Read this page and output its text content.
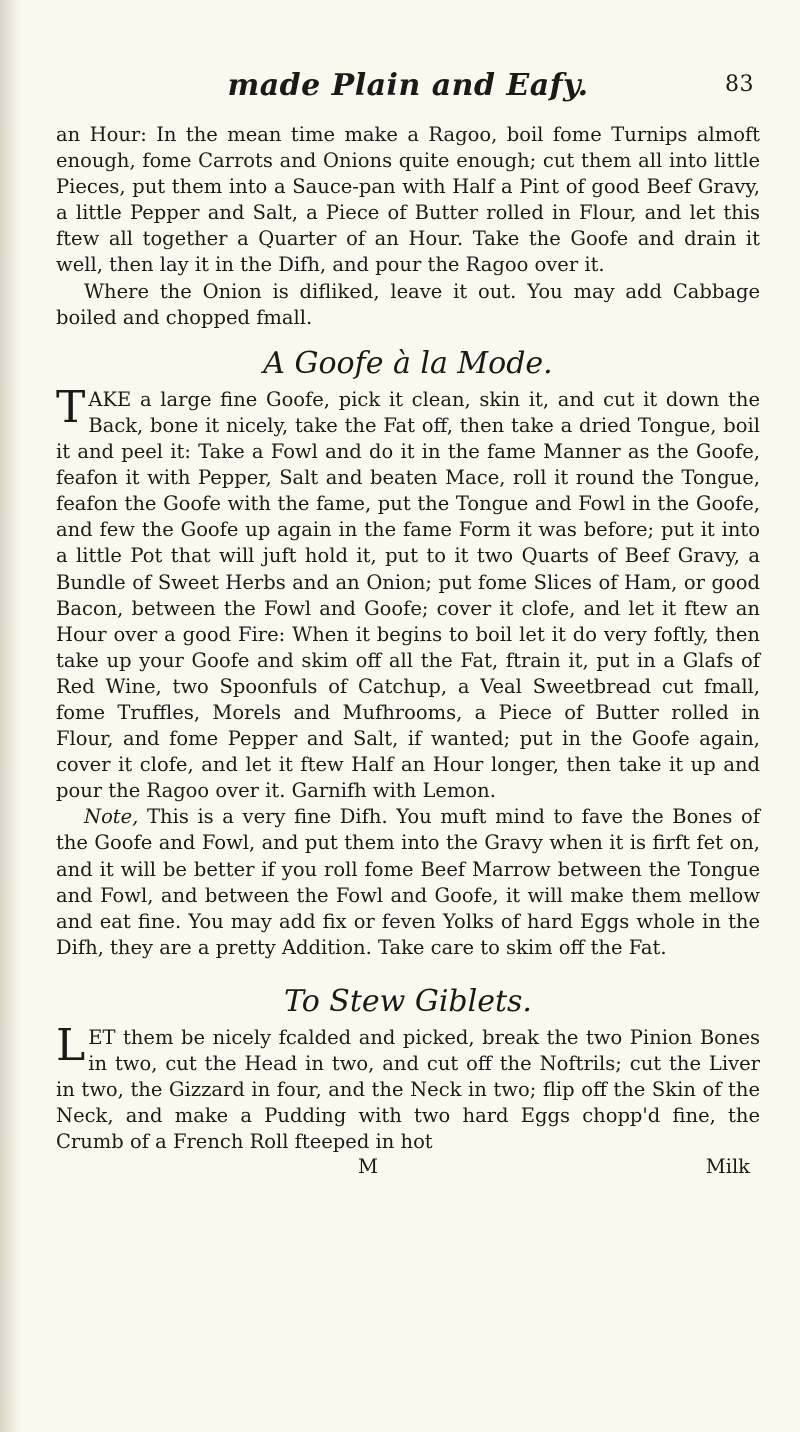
made Plain and Eafy.	83

an Hour: In the mean time make a Ragoo, boil fome Turnips almoft enough, fome Carrots and Onions quite enough; cut them all into little Pieces, put them into a Sauce-pan with Half a Pint of good Beef Gravy, a little Pepper and Salt, a Piece of Butter rolled in Flour, and let this ftew all together a Quarter of an Hour. Take the Goofe and drain it well, then lay it in the Difh, and pour the Ragoo over it.

Where the Onion is difliked, leave it out. You may add Cabbage boiled and chopped fmall.

A Goofe à la Mode.

TAKE a large fine Goofe, pick it clean, skin it, and cut it down the Back, bone it nicely, take the Fat off, then take a dried Tongue, boil it and peel it: Take a Fowl and do it in the fame Manner as the Goofe, feafon it with Pepper, Salt and beaten Mace, roll it round the Tongue, feafon the Goofe with the fame, put the Tongue and Fowl in the Goofe, and few the Goofe up again in the fame Form it was before; put it into a little Pot that will juft hold it, put to it two Quarts of Beef Gravy, a Bundle of Sweet Herbs and an Onion; put fome Slices of Ham, or good Bacon, between the Fowl and Goofe; cover it clofe, and let it ftew an Hour over a good Fire: When it begins to boil let it do very foftly, then take up your Goofe and skim off all the Fat, ftrain it, put in a Glafs of Red Wine, two Spoonfuls of Catchup, a Veal Sweetbread cut fmall, fome Truffles, Morels and Mufhrooms, a Piece of Butter rolled in Flour, and fome Pepper and Salt, if wanted; put in the Goofe again, cover it clofe, and let it ftew Half an Hour longer, then take it up and pour the Ragoo over it. Garnifh with Lemon.

Note, This is a very fine Difh. You muft mind to fave the Bones of the Goofe and Fowl, and put them into the Gravy when it is firft fet on, and it will be better if you roll fome Beef Marrow between the Tongue and Fowl, and between the Fowl and Goofe, it will make them mellow and eat fine. You may add fix or feven Yolks of hard Eggs whole in the Difh, they are a pretty Addition. Take care to skim off the Fat.

To Stew Giblets.

LET them be nicely fcalded and picked, break the two Pinion Bones in two, cut the Head in two, and cut off the Noftrils; cut the Liver in two, the Gizzard in four, and the Neck in two; flip off the Skin of the Neck, and make a Pudding with two hard Eggs chopp'd fine, the Crumb of a French Roll fteeped in hot

M	Milk
